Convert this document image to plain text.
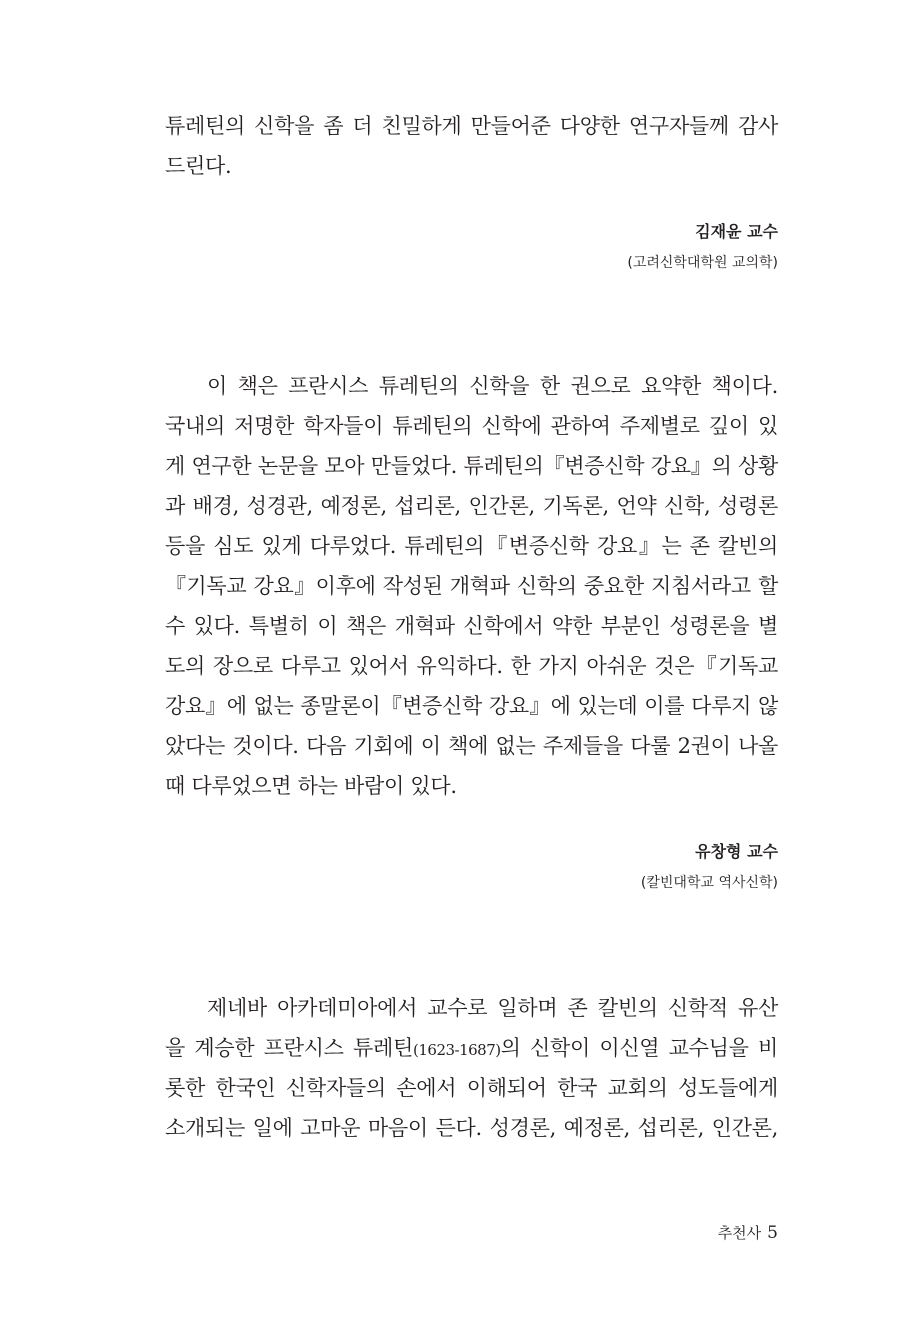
튜레틴의 신학을 좀 더 친밀하게 만들어준 다양한 연구자들께 감사
드린다.
김재윤 교수
(고려신학대학원 교의학)
이 책은 프란시스 튜레틴의 신학을 한 권으로 요약한 책이다.
국내의 저명한 학자들이 튜레틴의 신학에 관하여 주제별로 깊이 있
게 연구한 논문을 모아 만들었다. 튜레틴의『변증신학 강요』의 상황
과 배경, 성경관, 예정론, 섭리론, 인간론, 기독론, 언약 신학, 성령론
등을 심도 있게 다루었다. 튜레틴의『변증신학 강요』는 존 칼빈의
『기독교 강요』이후에 작성된 개혁파 신학의 중요한 지침서라고 할
수 있다. 특별히 이 책은 개혁파 신학에서 약한 부분인 성령론을 별
도의 장으로 다루고 있어서 유익하다. 한 가지 아쉬운 것은『기독교
강요』에 없는 종말론이『변증신학 강요』에 있는데 이를 다루지 않
았다는 것이다. 다음 기회에 이 책에 없는 주제들을 다룰 2권이 나올
때 다루었으면 하는 바람이 있다.
유창형 교수
(칼빈대학교 역사신학)
제네바 아카데미아에서 교수로 일하며 존 칼빈의 신학적 유산
을 계승한 프란시스 튜레틴(1623-1687)의 신학이 이신열 교수님을 비
롯한 한국인 신학자들의 손에서 이해되어 한국 교회의 성도들에게
소개되는 일에 고마운 마음이 든다. 성경론, 예정론, 섭리론, 인간론,
추천사 5
